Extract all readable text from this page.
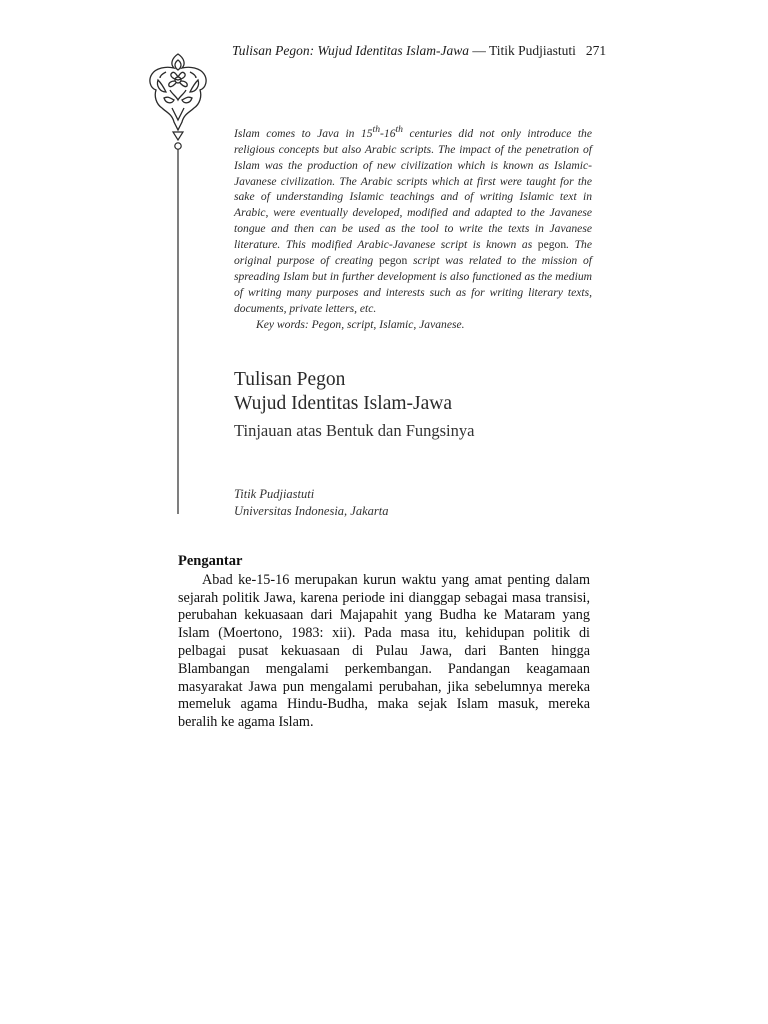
Tulisan Pegon: Wujud Identitas Islam-Jawa — Titik Pudjiastuti 271

Islam comes to Java in 15th-16th centuries did not only introduce the religious concepts but also Arabic scripts. The impact of the penetration of Islam was the production of new civilization which is known as Islamic-Javanese civilization. The Arabic scripts which at first were taught for the sake of understanding Islamic teachings and of writing Islamic text in Arabic, were eventually developed, modified and adapted to the Javanese tongue and then can be used as the tool to write the texts in Javanese literature. This modified Arabic-Javanese script is known as pegon. The original purpose of creating pegon script was related to the mission of spreading Islam but in further development is also functioned as the medium of writing many purposes and interests such as for writing literary texts, documents, private letters, etc.

Key words: Pegon, script, Islamic, Javanese.

Tulisan Pegon

Wujud Identitas Islam-Jawa

Tinjauan atas Bentuk dan Fungsinya

Titik Pudjiastuti
Universitas Indonesia, Jakarta
Pengantar

Abad ke-15-16 merupakan kurun waktu yang amat penting dalam sejarah politik Jawa, karena periode ini dianggap sebagai masa transisi, perubahan kekuasaan dari Majapahit yang Budha ke Mataram yang Islam (Moertono, 1983: xii). Pada masa itu, kehidupan politik di pelbagai pusat kekuasaan di Pulau Jawa, dari Banten hingga Blambangan mengalami perkembangan. Pandangan keagamaan masyarakat Jawa pun mengalami perubahan, jika sebelumnya mereka memeluk agama Hindu-Budha, maka sejak Islam masuk, mereka beralih ke agama Islam.
